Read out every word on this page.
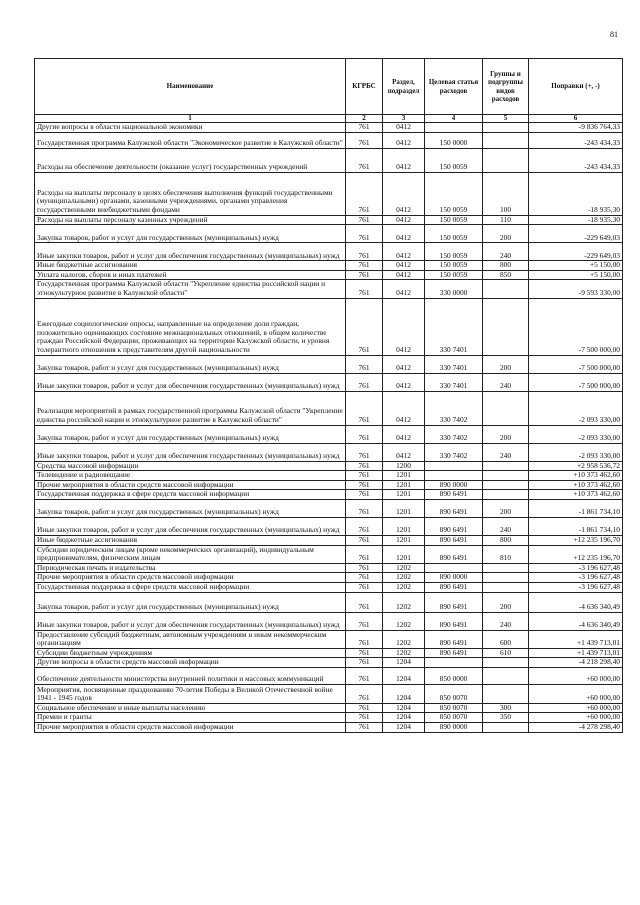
81
Наименование	КГРБС	Раздел, подраздел	Целевая статья расходов	Группы и подгруппы видов расходов	Поправки (+, -)
1	2	3	4	5	6
Другие вопросы в области национальной экономики	761	0412			-9 836 764,33
Государственная программа Калужской области "Экономическое развитие в Калужской области"	761	0412	150 0000		-243 434,33
Расходы на обеспечение деятельности (оказание услуг) государственных учреждений	761	0412	150 0059		-243 434,33
Расходы на выплаты персоналу в целях обеспечения выполнения функций государственными (муниципальными) органами, казенными учреждениями, органами управления государственными внебюджетными фондами	761	0412	150 0059	100	-18 935,30
Расходы на выплаты персоналу казенных учреждений	761	0412	150 0059	110	-18 935,30
Закупка товаров, работ и услуг для государственных (муниципальных) нужд	761	0412	150 0059	200	-229 649,03
Иные закупки товаров, работ и услуг для обеспечения государственных (муниципальных) нужд	761	0412	150 0059	240	-229 649,03
Иные бюджетные ассигнования	761	0412	150 0059	800	+5 150,00
Уплата налогов, сборов и иных платежей	761	0412	150 0059	850	+5 150,00
Государственная программа Калужской области "Укрепление единства российской нации и этнокультурное развитие в Калужской области"	761	0412	330 0000		-9 593 330,00
Ежегодные социологические опросы, направленные на определение доли граждан, положительно оценивающих состояние межнациональных отношений, в общем количестве граждан Российской Федерации, проживающих на территории Калужской области, и уровня толерантного отношения к представителям другой национальности	761	0412	330 7401		-7 500 000,00
Закупка товаров, работ и услуг для государственных (муниципальных) нужд	761	0412	330 7401	200	-7 500 000,00
Иные закупки товаров, работ и услуг для обеспечения государственных (муниципальных) нужд	761	0412	330 7401	240	-7 500 000,00
Реализация мероприятий в рамках государственной программы Калужской области "Укрепление единства российской нации и этнокультурное развитие в Калужской области"	761	0412	330 7402		-2 093 330,00
Закупка товаров, работ и услуг для государственных (муниципальных) нужд	761	0412	330 7402	200	-2 093 330,00
Иные закупки товаров, работ и услуг для обеспечения государственных (муниципальных) нужд	761	0412	330 7402	240	-2 093 330,00
Средства массовой информации	761	1200			+2 958 536,72
Телевидение и радиовещание	761	1201			+10 373 462,60
Прочие мероприятия в области средств массовой информации	761	1201	890 0000		+10 373 462,60
Государственная поддержка в сфере средств массовой информации	761	1201	890 6491		+10 373 462,60
Закупка товаров, работ и услуг для государственных (муниципальных) нужд	761	1201	890 6491	200	-1 861 734,10
Иные закупки товаров, работ и услуг для обеспечения государственных (муниципальных) нужд	761	1201	890 6491	240	-1 861 734,10
Иные бюджетные ассигнования	761	1201	890 6491	800	+12 235 196,70
Субсидии юридическим лицам (кроме некоммерческих организаций), индивидуальным предпринимателям, физическим лицам	761	1201	890 6491	810	+12 235 196,70
Периодическая печать и издательства	761	1202			-3 196 627,48
Прочие мероприятия в области средств массовой информации	761	1202	890 0000		-3 196 627,48
Государственная поддержка в сфере средств массовой информации	761	1202	890 6491		-3 196 627,48
Закупка товаров, работ и услуг для государственных (муниципальных) нужд	761	1202	890 6491	200	-4 636 340,49
Иные закупки товаров, работ и услуг для обеспечения государственных (муниципальных) нужд	761	1202	890 6491	240	-4 636 340,49
Предоставление субсидий бюджетным, автономным учреждениям и иным некоммерческим организациям	761	1202	890 6491	600	+1 439 713,01
Субсидии бюджетным учреждениям	761	1202	890 6491	610	+1 439 713,01
Другие вопросы в области средств массовой информации	761	1204			-4 218 298,40
Обеспечение деятельности министерства внутренней политики и массовых коммуникаций	761	1204	850 0000		+60 000,00
Мероприятия, посвященные празднованию 70-летия Победы в Великой Отечественной войне 1941 - 1945 годов	761	1204	850 0070		+60 000,00
Социальное обеспечение и иные выплаты населению	761	1204	850 0070	300	+60 000,00
Премии и гранты	761	1204	850 0070	350	+60 000,00
Прочие мероприятия в области средств массовой информации	761	1204	890 0000		-4 278 298,40
